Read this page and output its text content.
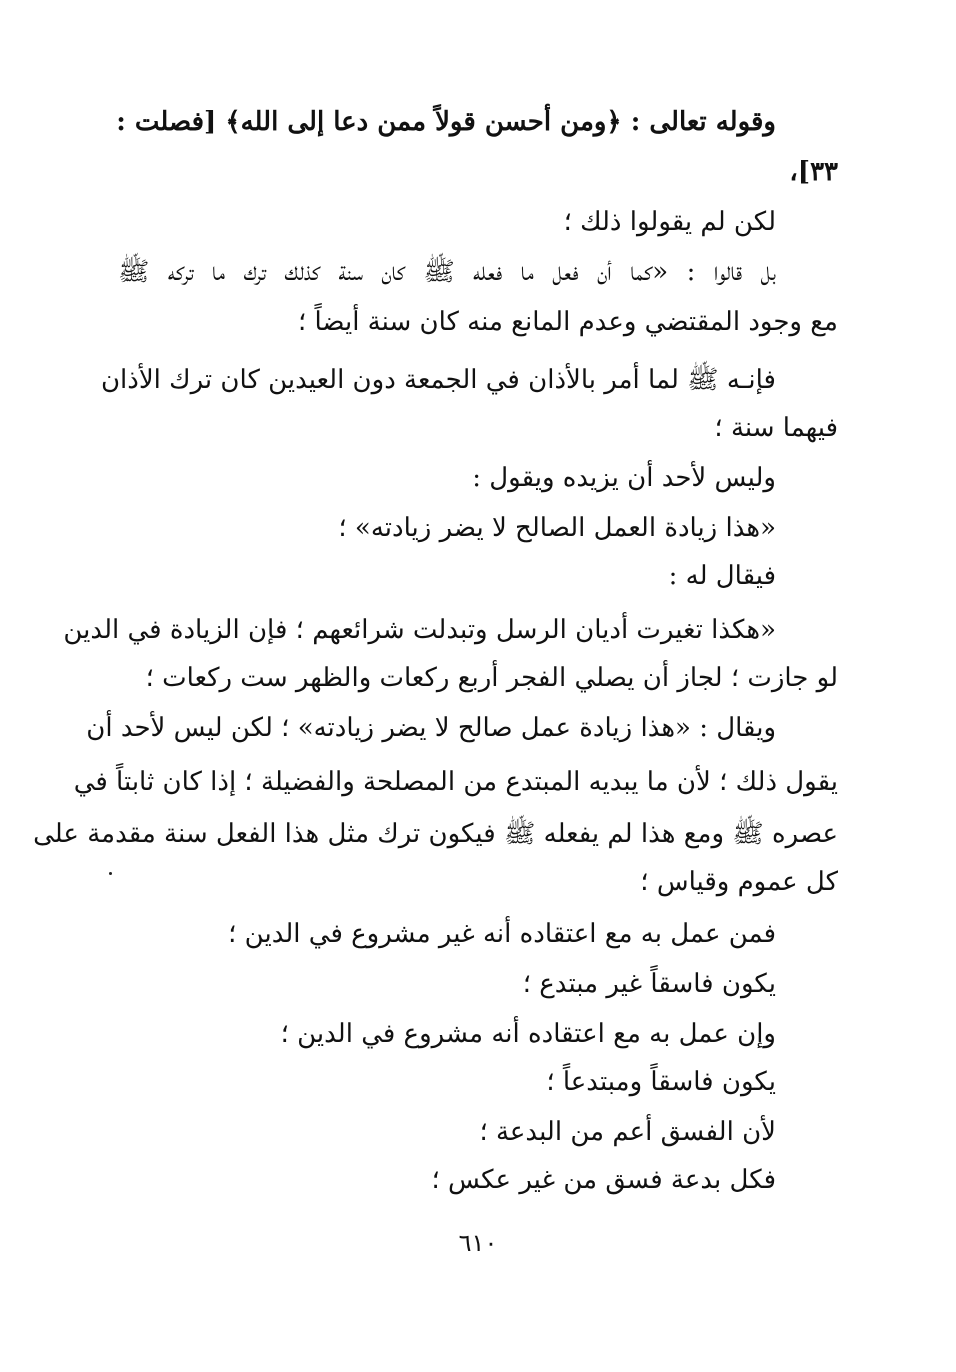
وقوله تعالى : ﴿ومن أحسن قولاً ممن دعا إلى الله﴾ [فصلت :
٣٣]،
لكن لم يقولوا ذلك ؛
بل قالوا : «كما أن فعل ما فعله ﷺ كان سنة كذلك ترك ما تركه ﷺ
مع وجود المقتضي وعدم المانع منه كان سنة أيضاً ؛
فإنـه ﷺ لما أمر بالأذان في الجمعة دون العيدين كان ترك الأذان
فيهما سنة ؛
وليس لأحد أن يزيده ويقول :
«هذا زيادة العمل الصالح لا يضر زيادته» ؛
فيقال له :
«هكذا تغيرت أديان الرسل وتبدلت شرائعهم ؛ فإن الزيادة في الدين
لو جازت ؛ لجاز أن يصلي الفجر أربع ركعات والظهر ست ركعات ؛
ويقال : «هذا زيادة عمل صالح لا يضر زيادته» ؛ لكن ليس لأحد أن
يقول ذلك ؛ لأن ما يبديه المبتدع من المصلحة والفضيلة ؛ إذا كان ثابتاً في
عصره ﷺ ومع هذا لم يفعله ﷺ فيكون ترك مثل هذا الفعل سنة مقدمة على
كل عموم وقياس ؛
فمن عمل به مع اعتقاده أنه غير مشروع في الدين ؛
يكون فاسقاً غير مبتدع ؛
وإن عمل به مع اعتقاده أنه مشروع في الدين ؛
يكون فاسقاً ومبتدعاً ؛
لأن الفسق أعم من البدعة ؛
فكل بدعة فسق من غير عكس ؛
٦١٠
